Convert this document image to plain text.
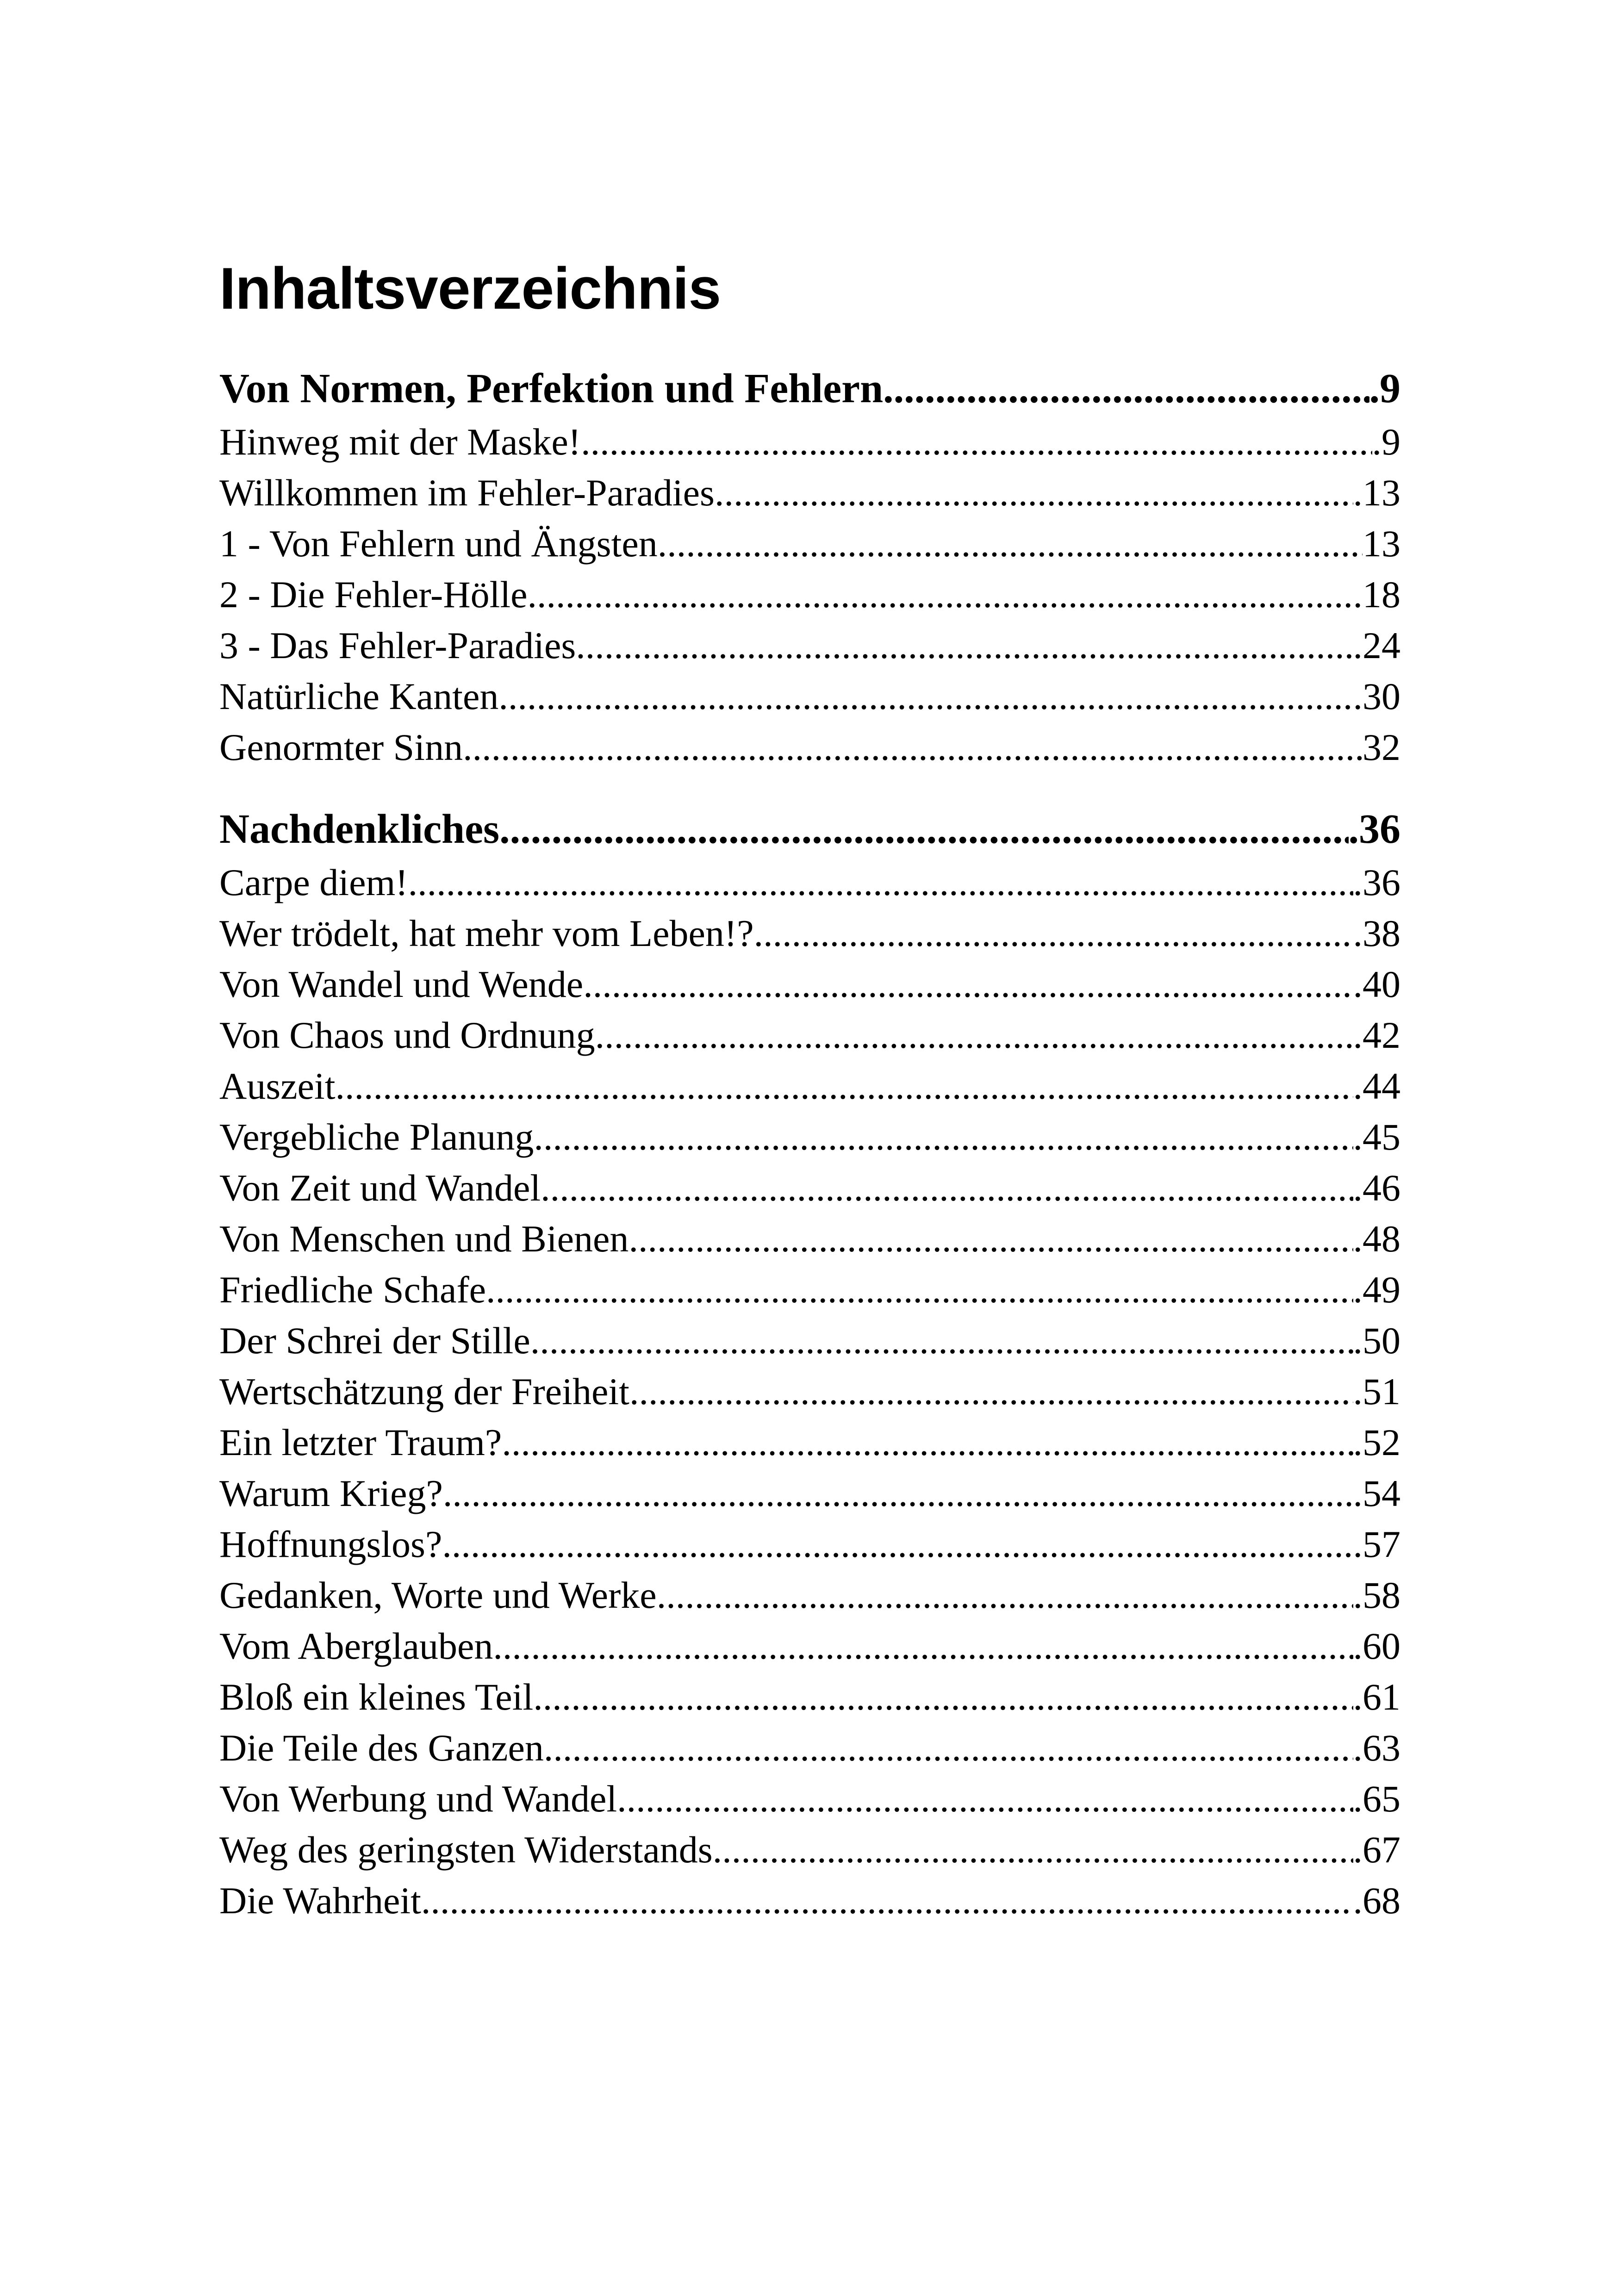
Inhaltsverzeichnis
Von Normen, Perfektion und Fehlern .....	.9
Hinweg mit der Maske! .....	.9
Willkommen im Fehler-Paradies .....	.13
1 - Von Fehlern und Ängsten .....	13
2 - Die Fehler-Hölle .....	.18
3 - Das Fehler-Paradies .....	.24
Natürliche Kanten .....	.30
Genormter Sinn .....	32
Nachdenkliches .....	.36
Carpe diem! .....	.36
Wer trödelt, hat mehr vom Leben!? .....	.38
Von Wandel und Wende .....	.40
Von Chaos und Ordnung .....	.42
Auszeit .....	.44
Vergebliche Planung .....	.45
Von Zeit und Wandel .....	.46
Von Menschen und Bienen .....	.48
Friedliche Schafe .....	.49
Der Schrei der Stille .....	.50
Wertschätzung der Freiheit .....	.51
Ein letzter Traum? .....	.52
Warum Krieg? .....	.54
Hoffnungslos? .....	.57
Gedanken, Worte und Werke .....	.58
Vom Aberglauben .....	.60
Bloß ein kleines Teil .....	.61
Die Teile des Ganzen .....	.63
Von Werbung und Wandel .....	.65
Weg des geringsten Widerstands .....	.67
Die Wahrheit .....	.68
